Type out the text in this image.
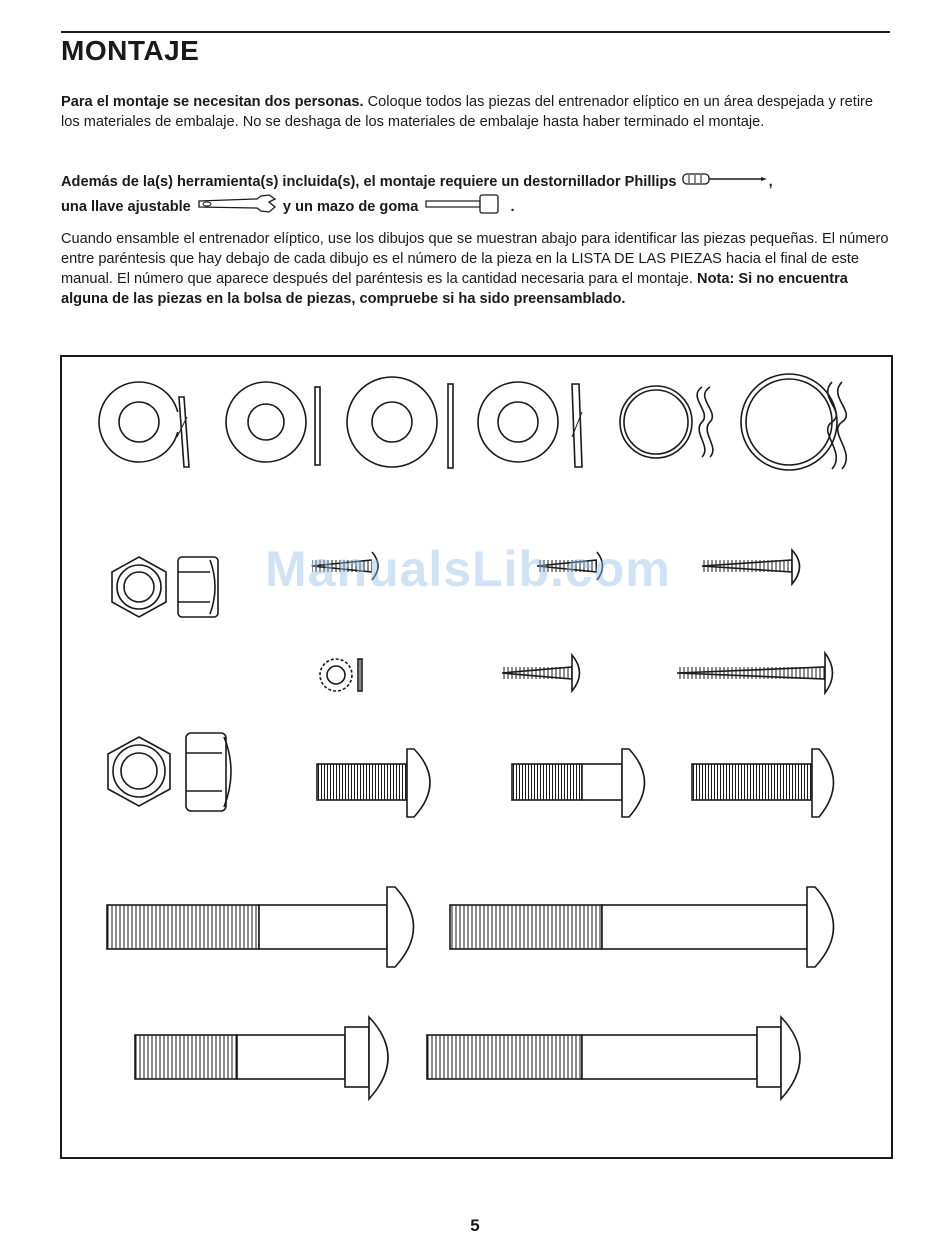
MONTAJE

Para el montaje se necesitan dos personas. Coloque todos las piezas del entrenador elíptico en un área despejada y retire los materiales de embalaje. No se deshaga de los materiales de embalaje hasta haber terminado el montaje.

Además de la(s) herramienta(s) incluida(s), el montaje requiere un destornillador Phillips	,
una llave ajustable	y un mazo de goma	.

Cuando ensamble el entrenador elíptico, use los dibujos que se muestran abajo para identificar las piezas pequeñas. El número entre paréntesis que hay debajo de cada dibujo es el número de la pieza en la LISTA DE LAS PIEZAS hacia el final de este manual. El número que aparece después del paréntesis es la cantidad necesaria para el montaje. Nota: Si no encuentra alguna de las piezas en la bolsa de piezas, compruebe si ha sido preensamblado.

ManualsLib.com
5
